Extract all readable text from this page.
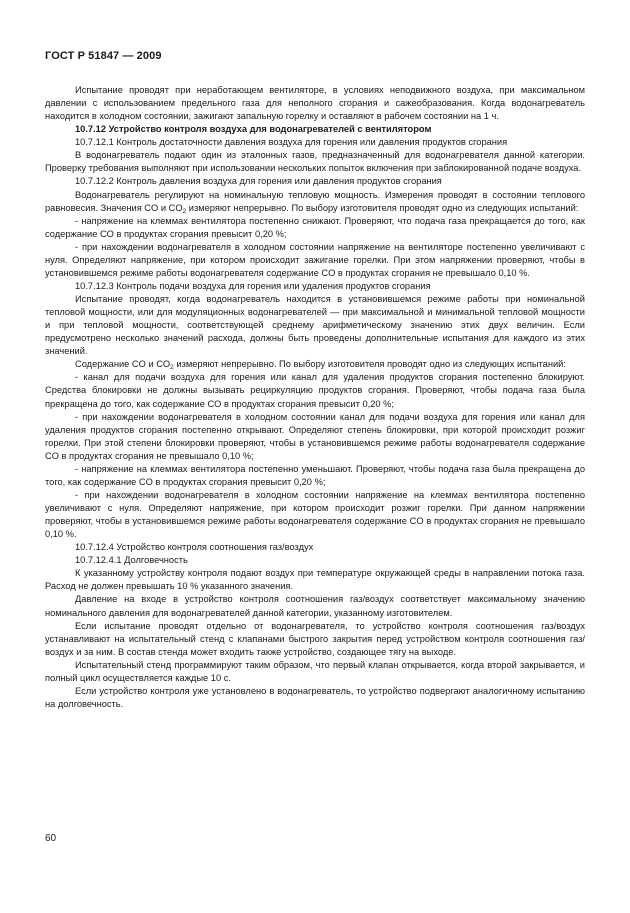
ГОСТ Р 51847 — 2009

Испытание проводят при неработающем вентиляторе, в условиях неподвижного воздуха, при максимальном давлении с использованием предельного газа для неполного сгорания и сажеобразования. Когда водонагреватель находится в холодном состоянии, зажигают запальную горелку и оставляют в рабочем состоянии на 1 ч.

10.7.12 Устройство контроля воздуха для водонагревателей с вентилятором

10.7.12.1 Контроль достаточности давления воздуха для горения или давления продуктов сгорания

В водонагреватель подают один из эталонных газов, предназначенный для водонагревателя данной категории. Проверку требования выполняют при использовании нескольких попыток включения при заблокированной подаче воздуха.

10.7.12.2 Контроль давления воздуха для горения или давления продуктов сгорания

Водонагреватель регулируют на номинальную тепловую мощность. Измерения проводят в состоянии теплового равновесия. Значения CO и $CO_2$ измеряют непрерывно. По выбору изготовителя проводят одно из следующих испытаний:

- напряжение на клеммах вентилятора постепенно снижают. Проверяют, что подача газа прекращается до того, как содержание CO в продуктах сгорания превысит 0,20 %;

- при нахождении водонагревателя в холодном состоянии напряжение на вентиляторе постепенно увеличивают с нуля. Определяют напряжение, при котором происходит зажигание горелки. При этом напряжении проверяют, чтобы в установившемся режиме работы водонагревателя содержание CO в продуктах сгорания не превышало 0,10 %.

10.7.12.3 Контроль подачи воздуха для горения или удаления продуктов сгорания

Испытание проводят, когда водонагреватель находится в установившемся режиме работы при номинальной тепловой мощности, или для модуляционных водонагревателей — при максимальной и минимальной тепловой мощности и при тепловой мощности, соответствующей среднему арифметическому значению этих двух величин. Если предусмотрено несколько значений расхода, должны быть проведены дополнительные испытания для каждого из этих значений.

Содержание CO и $CO_2$ измеряют непрерывно. По выбору изготовителя проводят одно из следующих испытаний:

- канал для подачи воздуха для горения или канал для удаления продуктов сгорания постепенно блокируют. Средства блокировки не должны вызывать рециркуляцию продуктов сгорания. Проверяют, чтобы подача газа была прекращена до того, как содержание CO в продуктах сгорания превысит 0,20 %;

- при нахождении водонагревателя в холодном состоянии канал для подачи воздуха для горения или канал для удаления продуктов сгорания постепенно открывают. Определяют степень блокировки, при которой происходит розжиг горелки. При этой степени блокировки проверяют, чтобы в установившемся режиме работы водонагревателя содержание CO в продуктах сгорания не превышало 0,10 %;

- напряжение на клеммах вентилятора постепенно уменьшают. Проверяют, чтобы подача газа была прекращена до того, как содержание CO в продуктах сгорания превысит 0,20 %;

- при нахождении водонагревателя в холодном состоянии напряжение на клеммах вентилятора постепенно увеличивают с нуля. Определяют напряжение, при котором происходит розжиг горелки. При данном напряжении проверяют, чтобы в установившемся режиме работы водонагревателя содержание CO в продуктах сгорания не превышало 0,10 %.

10.7.12.4 Устройство контроля соотношения газ/воздух

10.7.12.4.1 Долговечность

К указанному устройству контроля подают воздух при температуре окружающей среды в направлении потока газа. Расход не должен превышать 10 % указанного значения.

Давление на входе в устройство контроля соотношения газ/воздух соответствует максимальному значению номинального давления для водонагревателей данной категории, указанному изготовителем.

Если испытание проводят отдельно от водонагревателя, то устройство контроля соотношения газ/воздух устанавливают на испытательный стенд с клапанами быстрого закрытия перед устройством контроля соотношения газ/воздух и за ним. В состав стенда может входить также устройство, создающее тягу на выходе.

Испытательный стенд программируют таким образом, что первый клапан открывается, когда второй закрывается, и полный цикл осуществляется каждые 10 с.

Если устройство контроля уже установлено в водонагреватель, то устройство подвергают аналогичному испытанию на долговечность.

60
